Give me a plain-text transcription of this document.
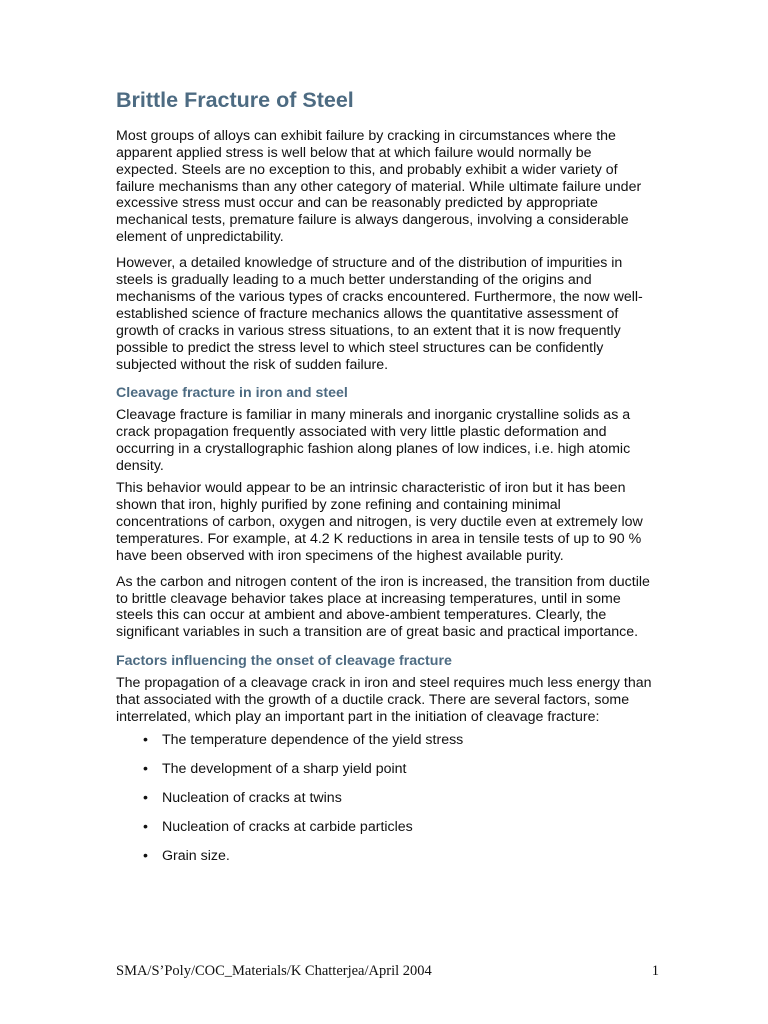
Brittle Fracture of Steel

Most groups of alloys can exhibit failure by cracking in circumstances where the apparent applied stress is well below that at which failure would normally be expected. Steels are no exception to this, and probably exhibit a wider variety of failure mechanisms than any other category of material. While ultimate failure under excessive stress must occur and can be reasonably predicted by appropriate mechanical tests, premature failure is always dangerous, involving a considerable element of unpredictability.

However, a detailed knowledge of structure and of the distribution of impurities in steels is gradually leading to a much better understanding of the origins and mechanisms of the various types of cracks encountered. Furthermore, the now well-established science of fracture mechanics allows the quantitative assessment of growth of cracks in various stress situations, to an extent that it is now frequently possible to predict the stress level to which steel structures can be confidently subjected without the risk of sudden failure.

Cleavage fracture in iron and steel

Cleavage fracture is familiar in many minerals and inorganic crystalline solids as a crack propagation frequently associated with very little plastic deformation and occurring in a crystallographic fashion along planes of low indices, i.e. high atomic density.

This behavior would appear to be an intrinsic characteristic of iron but it has been shown that iron, highly purified by zone refining and containing minimal concentrations of carbon, oxygen and nitrogen, is very ductile even at extremely low temperatures. For example, at 4.2 K reductions in area in tensile tests of up to 90 % have been observed with iron specimens of the highest available purity.

As the carbon and nitrogen content of the iron is increased, the transition from ductile to brittle cleavage behavior takes place at increasing temperatures, until in some steels this can occur at ambient and above-ambient temperatures. Clearly, the significant variables in such a transition are of great basic and practical importance.

Factors influencing the onset of cleavage fracture

The propagation of a cleavage crack in iron and steel requires much less energy than that associated with the growth of a ductile crack. There are several factors, some interrelated, which play an important part in the initiation of cleavage fracture:

• The temperature dependence of the yield stress
• The development of a sharp yield point
• Nucleation of cracks at twins
• Nucleation of cracks at carbide particles
• Grain size.
SMA/S’Poly/COC_Materials/K Chatterjea/April 2004	1
